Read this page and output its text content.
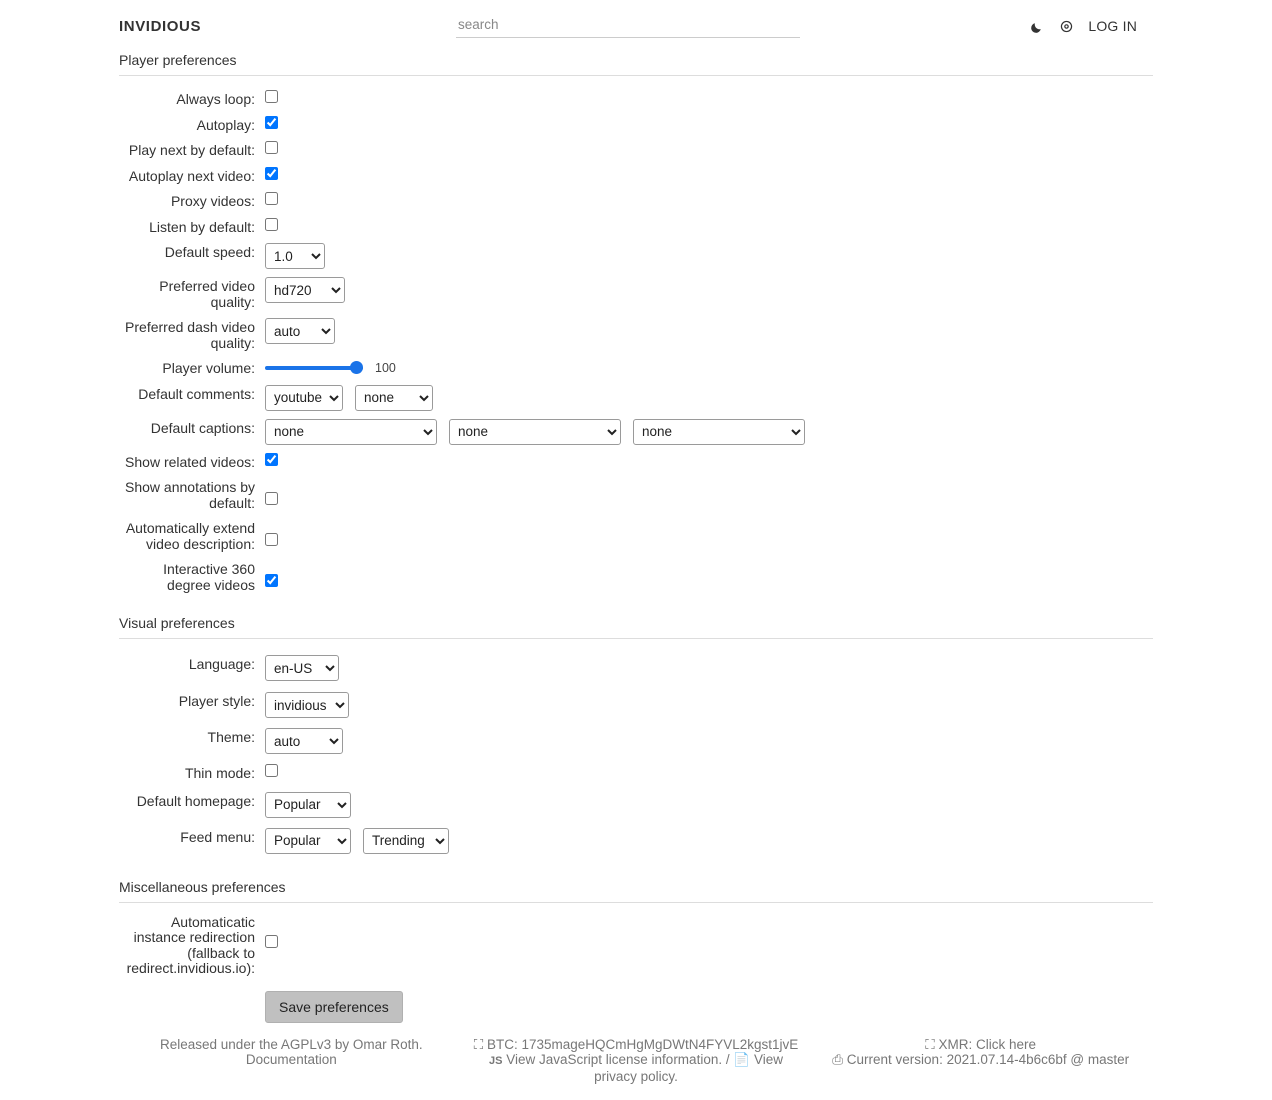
INVIDIOUS
search	LOG IN
Player preferences
Always loop:
Autoplay:
Play next by default:
Autoplay next video:
Proxy videos:
Listen by default:
Default speed:
1.0
Preferred video quality:
hd720
Preferred dash video quality:
auto
Player volume:	100
Default comments:
youtube
none
Default captions:
none
none
none
Show related videos:
Show annotations by default:
Automatically extend video description:
Interactive 360 degree videos
Visual preferences
Language:
en-US
Player style:
invidious
Theme:
auto
Thin mode:
Default homepage:
Popular
Feed menu:
Popular
Trending
Miscellaneous preferences
Automaticatic instance redirection (fallback to redirect.invidious.io):
Save preferences
Released under the AGPLv3 by Omar Roth.
Documentation
⛶ BTC: 1735mageHQCmHgMgDWtN4FYVL2kgst1jvE
JS View JavaScript license information. / 📄 View privacy policy.
⛶ XMR: Click here
⎙ Current version: 2021.07.14-4b6c6bf @ master
